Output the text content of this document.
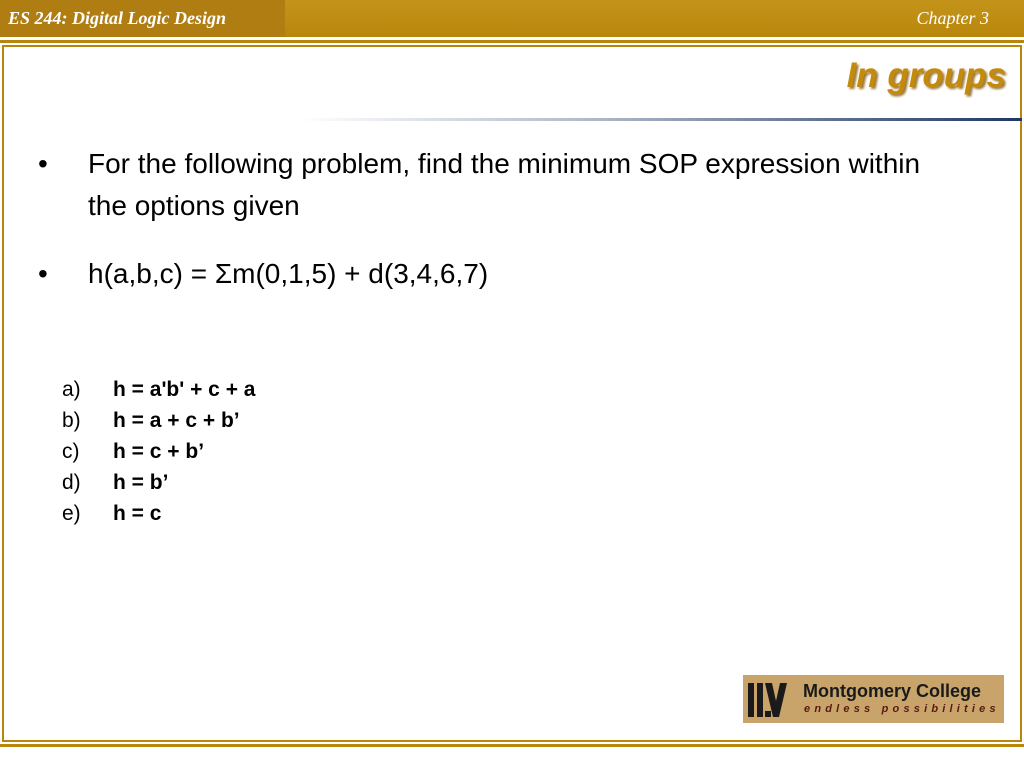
ES 244: Digital Logic Design	Chapter 3
In groups
• For the following problem, find the minimum SOP expression within the options given
• h(a,b,c) = Σm(0,1,5) + d(3,4,6,7)
a) h = a'b' + c + a
b) h = a + c + b’
c) h = c + b’
d) h = b’
e) h = c
Montgomery College
endless possibilities
